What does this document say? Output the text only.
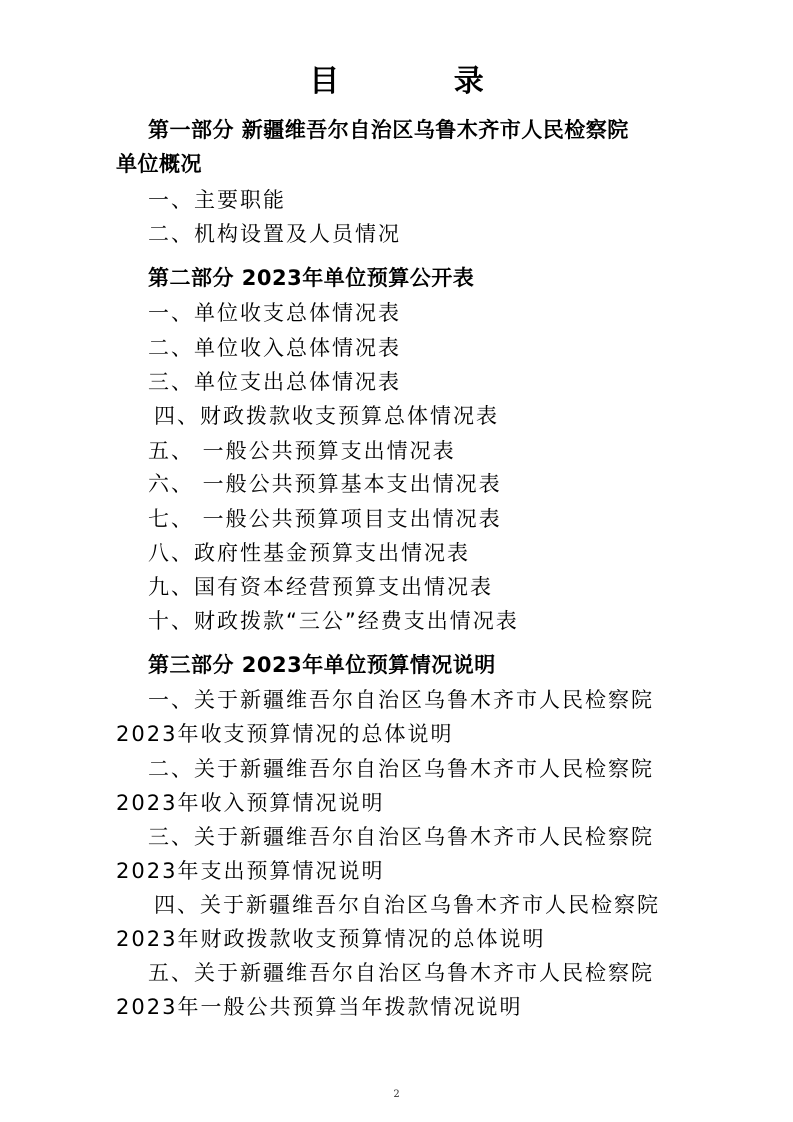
目 录
第一部分 新疆维吾尔自治区乌鲁木齐市人民检察院
单位概况
一、主要职能
二、机构设置及人员情况
第二部分 2023年单位预算公开表
一、单位收支总体情况表
二、单位收入总体情况表
三、单位支出总体情况表
四、财政拨款收支预算总体情况表
五、 一般公共预算支出情况表
六、 一般公共预算基本支出情况表
七、 一般公共预算项目支出情况表
八、政府性基金预算支出情况表
九、国有资本经营预算支出情况表
十、财政拨款“三公”经费支出情况表
第三部分 2023年单位预算情况说明
一、关于新疆维吾尔自治区乌鲁木齐市人民检察院
2023年收支预算情况的总体说明
二、关于新疆维吾尔自治区乌鲁木齐市人民检察院
2023年收入预算情况说明
三、关于新疆维吾尔自治区乌鲁木齐市人民检察院
2023年支出预算情况说明
四、关于新疆维吾尔自治区乌鲁木齐市人民检察院
2023年财政拨款收支预算情况的总体说明
五、关于新疆维吾尔自治区乌鲁木齐市人民检察院
2023年一般公共预算当年拨款情况说明
2
